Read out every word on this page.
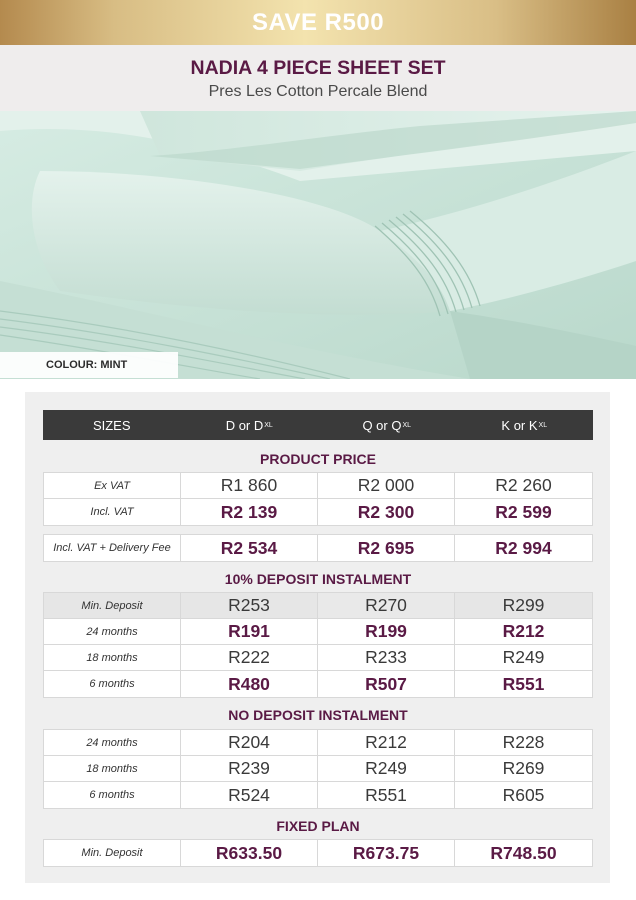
SAVE R500
NADIA 4 PIECE SHEET SET
Pres Les Cotton Percale Blend
COLOUR: MINT
SIZES	D or D XL	Q or Q XL	K or K XL
PRODUCT PRICE
Ex VAT	R1 860	R2 000	R2 260
Incl. VAT	R2 139	R2 300	R2 599
Incl. VAT + Delivery Fee	R2 534	R2 695	R2 994
10% DEPOSIT INSTALMENT
Min. Deposit	R253	R270	R299
24 months	R191	R199	R212
18 months	R222	R233	R249
6 months	R480	R507	R551
NO DEPOSIT INSTALMENT
24 months	R204	R212	R228
18 months	R239	R249	R269
6 months	R524	R551	R605
FIXED PLAN
Min. Deposit	R633.50	R673.75	R748.50
